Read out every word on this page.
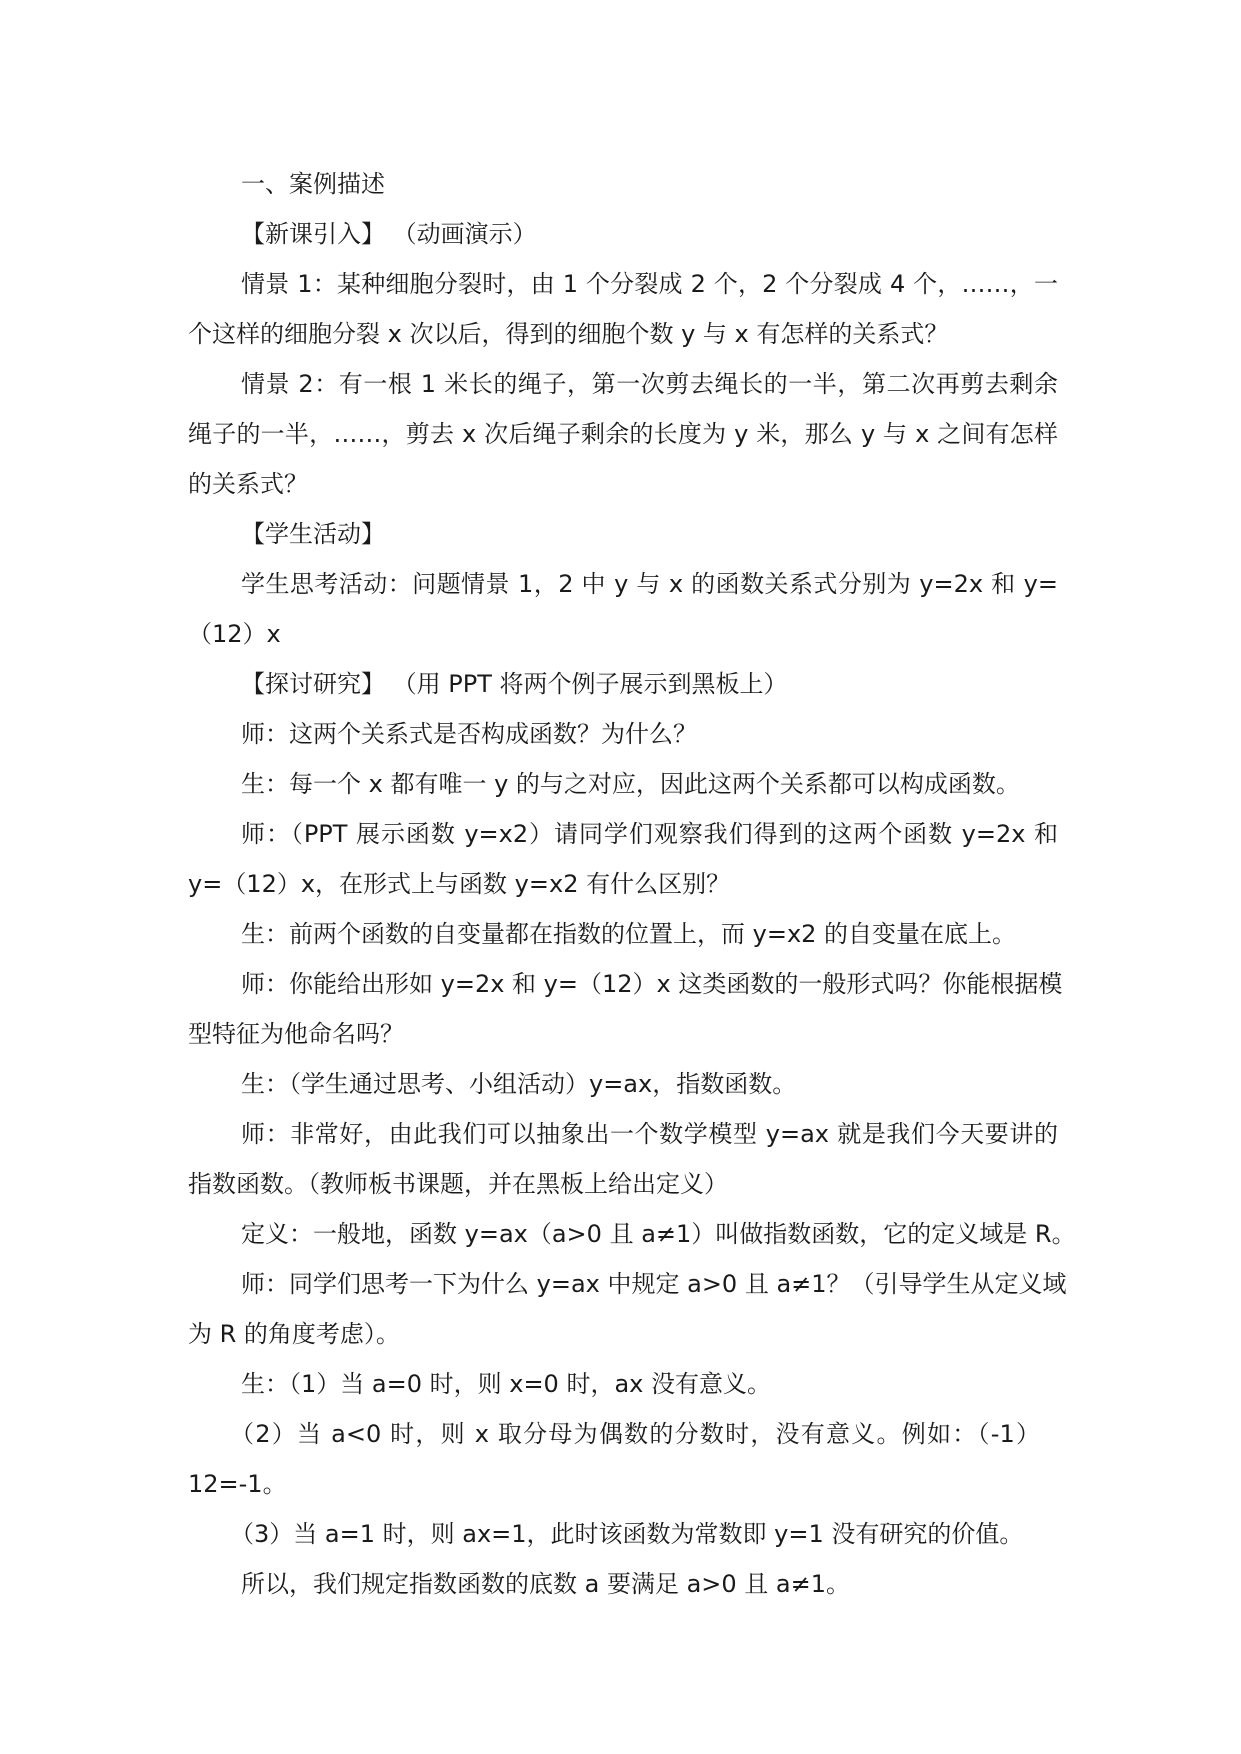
一、案例描述
【新课引入】 （动画演示）
情景 1：某种细胞分裂时，由 1 个分裂成 2 个，2 个分裂成 4 个，……，一
个这样的细胞分裂 x 次以后，得到的细胞个数 y 与 x 有怎样的关系式？
情景 2：有一根 1 米长的绳子，第一次剪去绳长的一半，第二次再剪去剩余
绳子的一半，……，剪去 x 次后绳子剩余的长度为 y 米，那么 y 与 x 之间有怎样
的关系式？
【学生活动】
学生思考活动：问题情景 1，2 中 y 与 x 的函数关系式分别为 y=2x 和 y=
（12）x
【探讨研究】 （用 PPT 将两个例子展示到黑板上）
师：这两个关系式是否构成函数？为什么？
生：每一个 x 都有唯一 y 的与之对应，因此这两个关系都可以构成函数。
师：（PPT 展示函数 y=x2）请同学们观察我们得到的这两个函数 y=2x 和
y=（12）x，在形式上与函数 y=x2 有什么区别？
生：前两个函数的自变量都在指数的位置上，而 y=x2 的自变量在底上。
师：你能给出形如 y=2x 和 y=（12）x 这类函数的一般形式吗？你能根据模
型特征为他命名吗？
生：（学生通过思考、小组活动）y=ax，指数函数。
师：非常好，由此我们可以抽象出一个数学模型 y=ax 就是我们今天要讲的
指数函数。（教师板书课题，并在黑板上给出定义）
定义：一般地，函数 y=ax（a>0 且 a≠1）叫做指数函数，它的定义域是 R。
师：同学们思考一下为什么 y=ax 中规定 a>0 且 a≠1？（引导学生从定义域
为 R 的角度考虑）。
生：（1）当 a=0 时，则 x=0 时，ax 没有意义。
（2）当 a<0 时，则 x 取分母为偶数的分数时，没有意义。例如：（-1）
12=-1。
（3）当 a=1 时，则 ax=1，此时该函数为常数即 y=1 没有研究的价值。
所以，我们规定指数函数的底数 a 要满足 a>0 且 a≠1。
